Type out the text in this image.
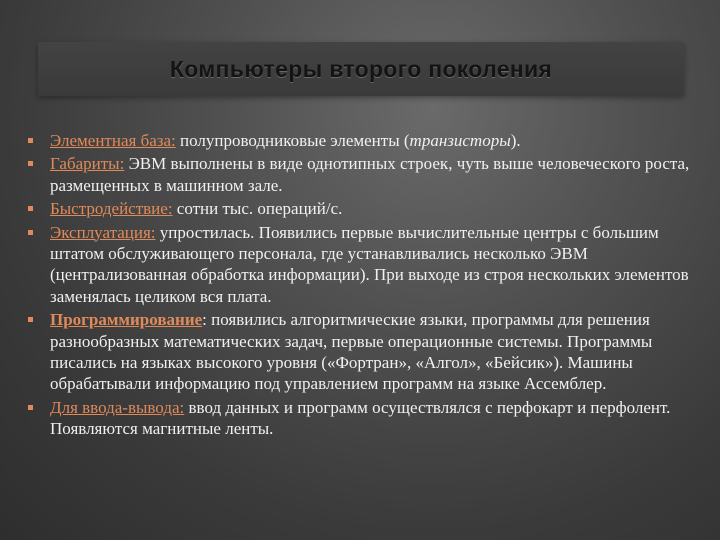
Компьютеры второго поколения
Элементная база: полупроводниковые элементы (транзисторы).
Габариты: ЭВМ выполнены в виде однотипных строек, чуть выше человеческого роста, размещенных в машинном зале.
Быстродействие: сотни тыс. операций/с.
Эксплуатация: упростилась. Появились первые вычислительные центры с большим штатом обслуживающего персонала, где устанавливались несколько ЭВМ (централизованная обработка информации). При выходе из строя нескольких элементов заменялась целиком вся плата.
Программирование: появились алгоритмические языки, программы для решения разнообразных математических задач, первые операционные системы. Программы писались на языках высокого уровня («Фортран», «Алгол», «Бейсик»). Машины обрабатывали информацию под управлением программ на языке Ассемблер.
Для ввода-вывода: ввод данных и программ осуществлялся с перфокарт и перфолент. Появляются магнитные ленты.
